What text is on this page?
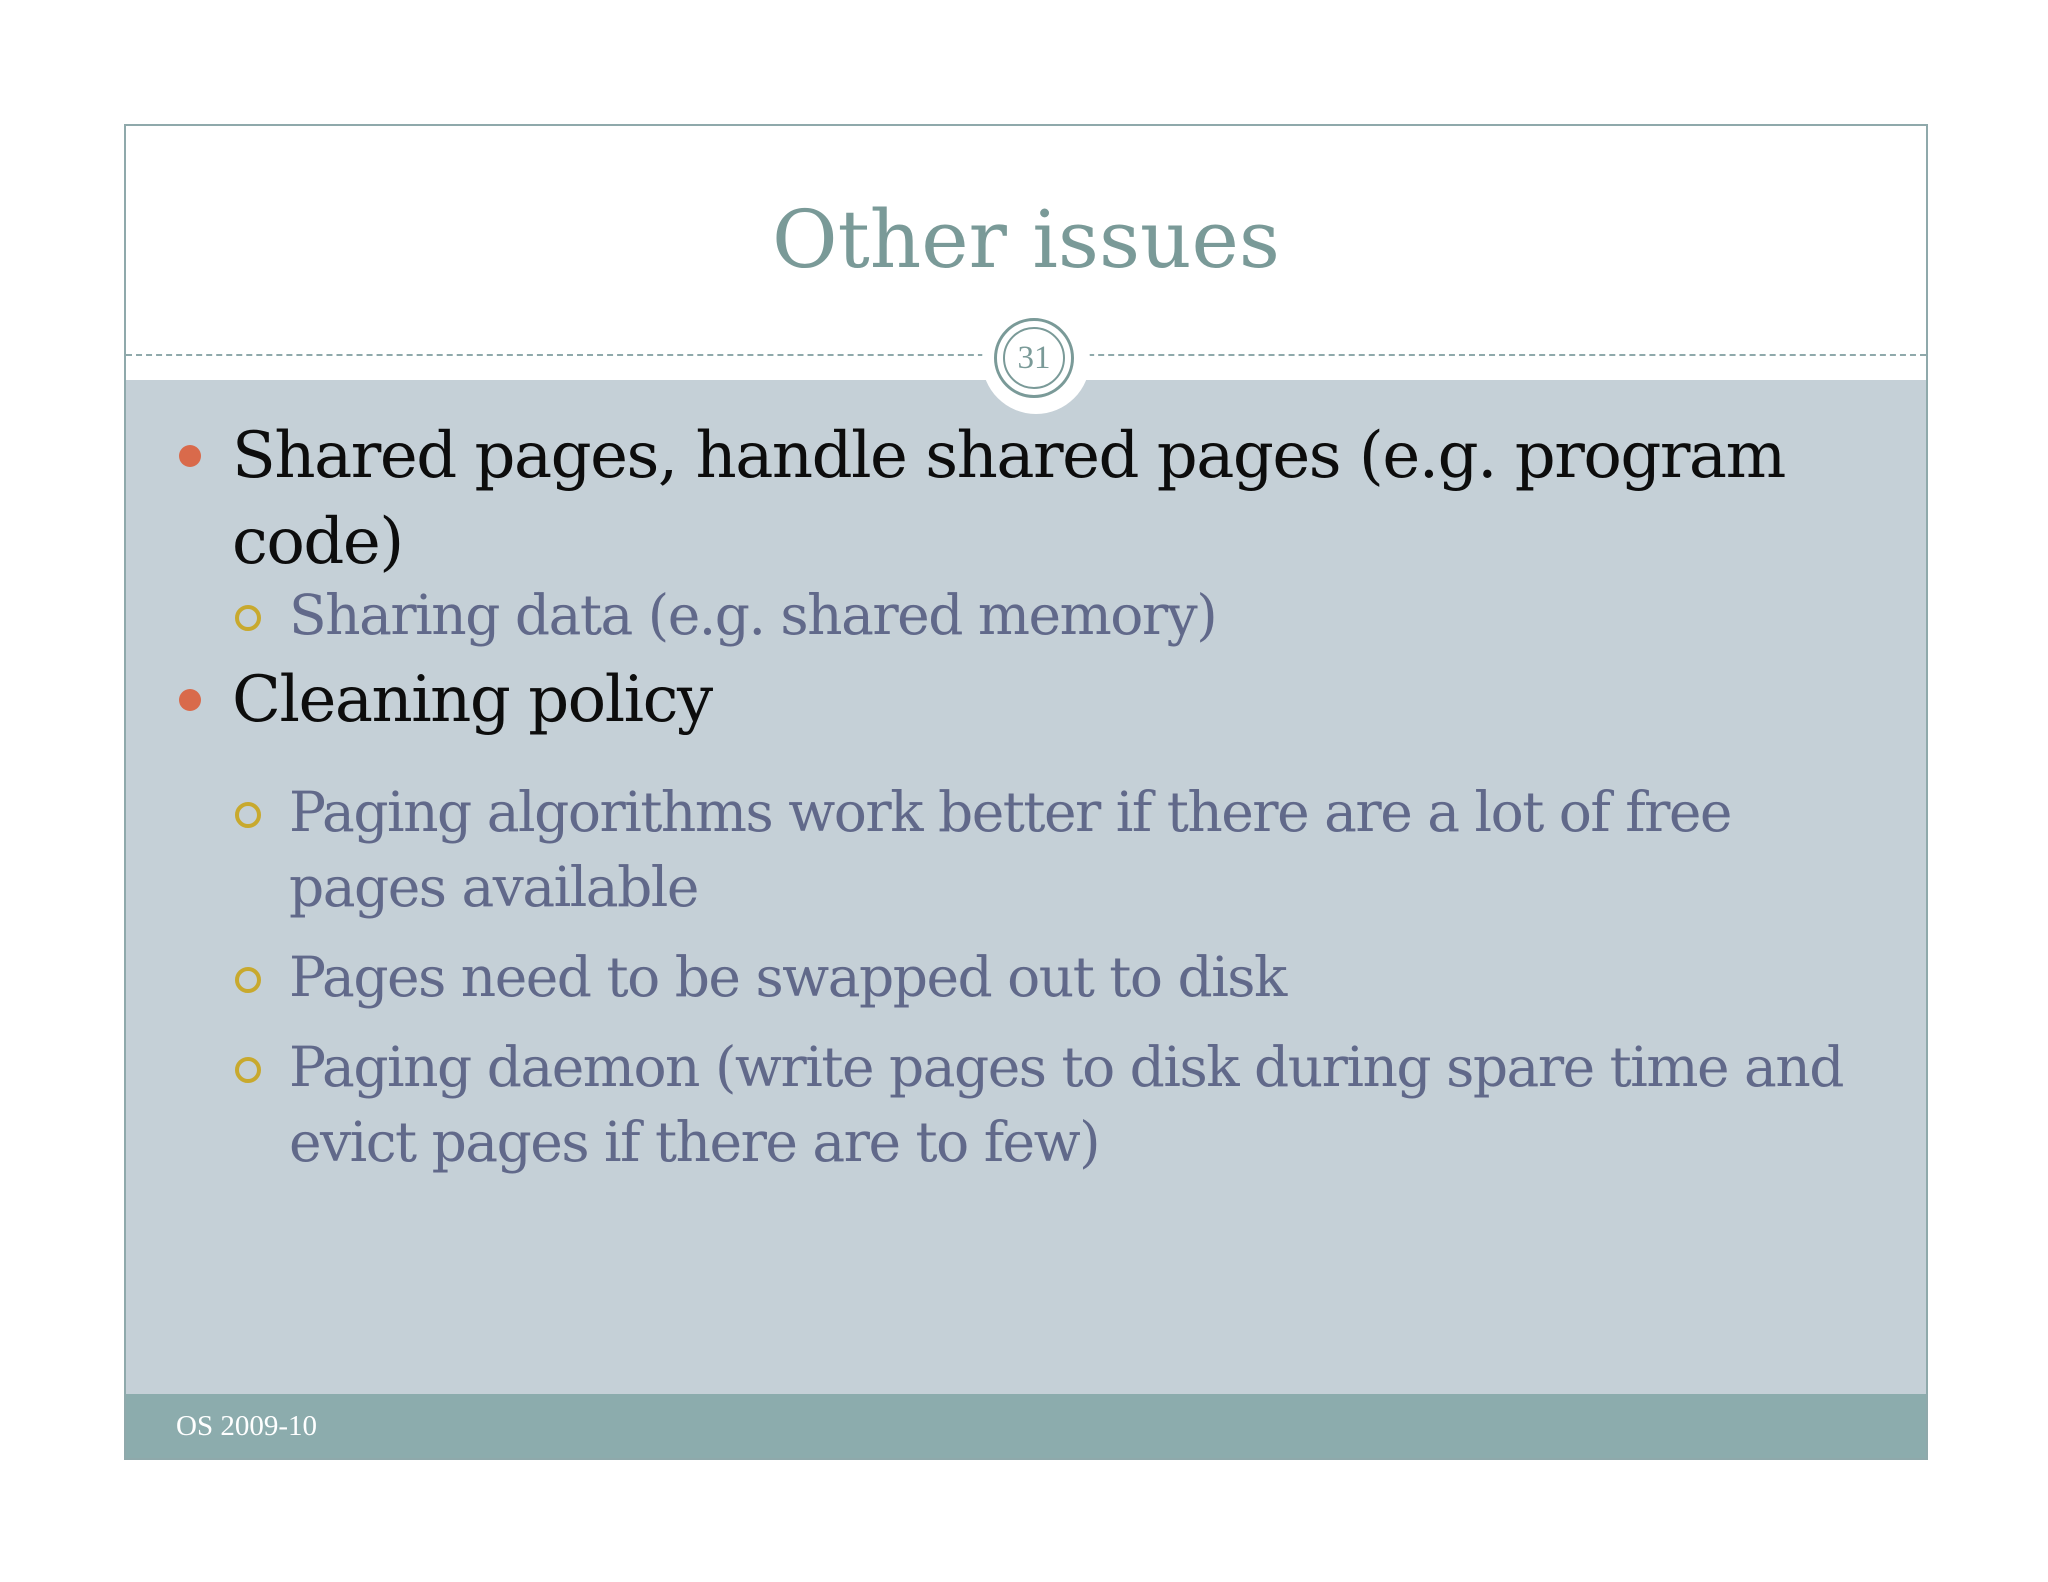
Other issues
Shared pages, handle shared pages (e.g. program code)
Sharing data (e.g. shared memory)
Cleaning policy
Paging algorithms work better if there are a lot of free pages available
Pages need to be swapped out to disk
Paging daemon (write pages to disk during spare time and evict pages if there are to few)
31
OS 2009-10
